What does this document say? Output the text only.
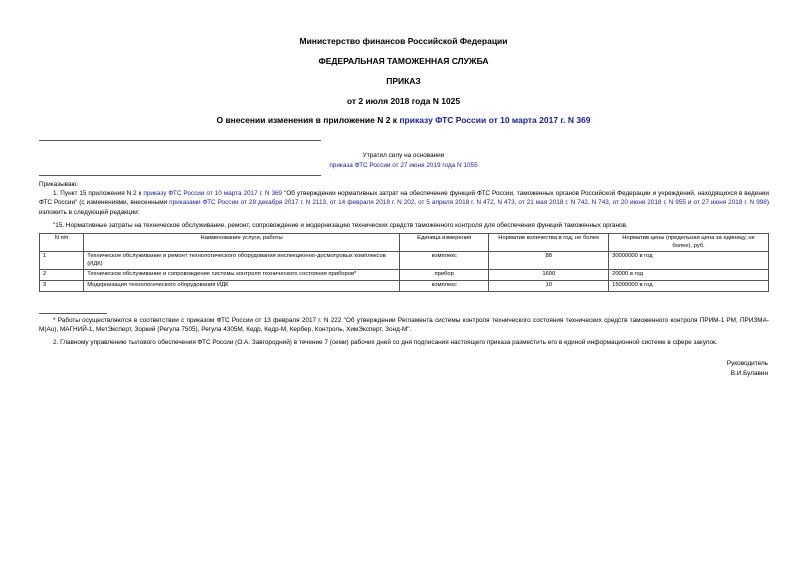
Министерство финансов Российской Федерации
ФЕДЕРАЛЬНАЯ ТАМОЖЕННАЯ СЛУЖБА
ПРИКАЗ
от 2 июля 2018 года N 1025
О внесении изменения в приложение N 2 к приказу ФТС России от 10 марта 2017 г. N 369
Утратил силу на основании
приказа ФТС России от 27 июня 2019 года N 1055
Приказываю:
1. Пункт 15 приложения N 2 к приказу ФТС России от 10 марта 2017 г. N 369 "Об утверждении нормативных затрат на обеспечение функций ФТС России, таможенных органов Российской Федерации и учреждений, находящихся в ведении ФТС России" (с изменениями, внесенными приказами ФТС России от 28 декабря 2017 г. N 2113, от 14 февраля 2018 г. N 202, от 5 апреля 2018 г. N 472, N 473, от 21 мая 2018 г. N 742, N 743, от 20 июня 2018 г. N 955 и от 27 июня 2018 г. N 998) изложить в следующей редакции:
"15. Нормативные затраты на техническое обслуживание, ремонт, сопровождение и модернизацию технических средств таможенного контроля для обеспечения функций таможенных органов.
N п/п	Наименование услуги, работы	Единица измерения	Норматив количества в год, не более	Норматив цены (предельная цена за единицу, не более), руб.
1	Техническое обслуживание и ремонт технологического оборудования инспекционно-досмотровых комплексов (ИДК)	комплекс	88	30000000 в год
2	Техническое обслуживание и сопровождение системы контроля технического состояния приборов*	прибор	1600	20000 в год
3	Модернизация технологического оборудования ИДК	комплекс	10	15000000 в год
* Работы осуществляются в соответствии с приказом ФТС России от 13 февраля 2017 г. N 222 "Об утверждении Регламента системы контроля технического состояния технических средств таможенного контроля ПРИМ-1 РМ, ПРИЗМА-М(Au), МАГНИЙ-1, МетЭксперт, Зоркий (Регула 7505), Регула 4305М, Кедр, Кедр-М, Кербер, Контроль, ХимЭксперт, Зонд-М".
2. Главному управлению тылового обеспечения ФТС России (О.А. Завгородний) в течение 7 (семи) рабочих дней со дня подписания настоящего приказа разместить его в единой информационной системе в сфере закупок.
Руководитель
В.И.Булавин
